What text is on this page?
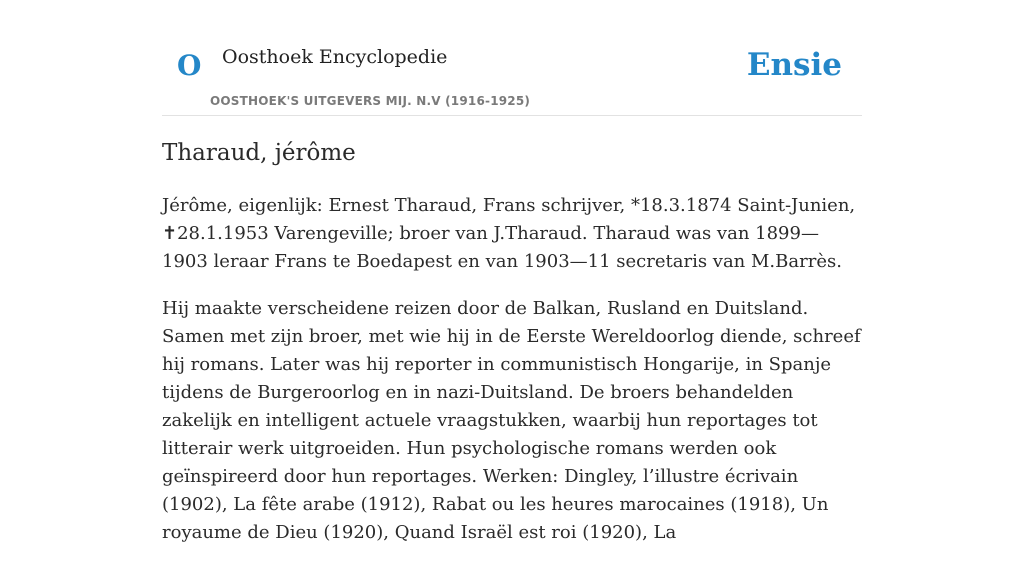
O Oosthoek Encyclopedie
OOSTHOEK'S UITGEVERS MIJ. N.V (1916-1925)
Ensie
Tharaud, jérôme

Jérôme, eigenlijk: Ernest Tharaud, Frans schrijver, *18.3.1874 Saint-Junien, ✝28.1.1953 Varengeville; broer van J.Tharaud. Tharaud was van 1899—1903 leraar Frans te Boedapest en van 1903—11 secretaris van M.Barrès.

Hij maakte verscheidene reizen door de Balkan, Rusland en Duitsland. Samen met zijn broer, met wie hij in de Eerste Wereldoorlog diende, schreef hij romans. Later was hij reporter in communistisch Hongarije, in Spanje tijdens de Burgeroorlog en in nazi-Duitsland. De broers behandelden zakelijk en intelligent actuele vraagstukken, waarbij hun reportages tot litterair werk uitgroeiden. Hun psychologische romans werden ook geïnspireerd door hun reportages. Werken: Dingley, l’illustre écrivain (1902), La fête arabe (1912), Rabat ou les heures marocaines (1918), Un royaume de Dieu (1920), Quand Israël est roi (1920), La
